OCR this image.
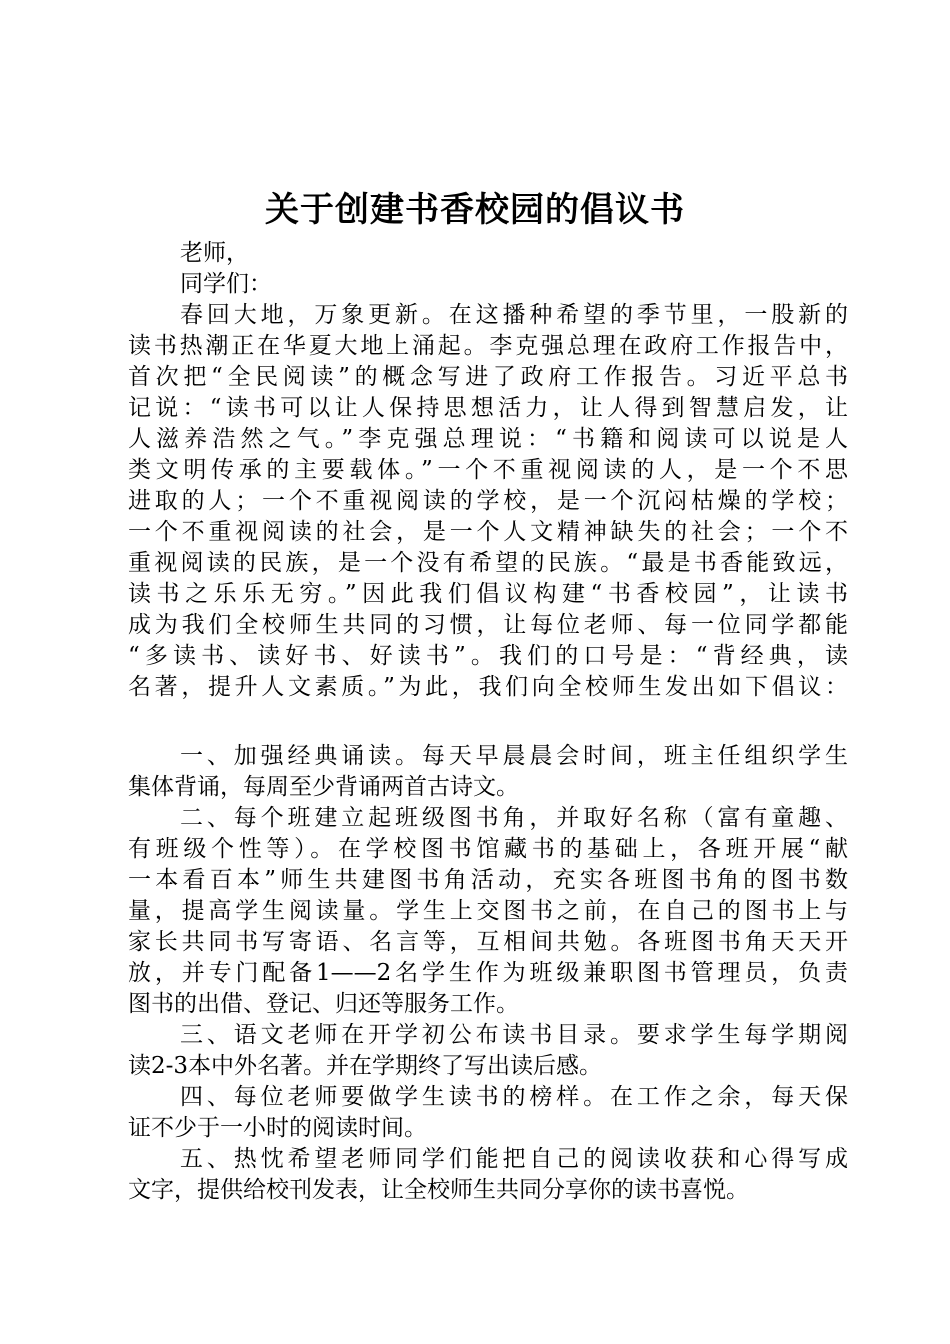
关于创建书香校园的倡议书
老师，
同学们：
春回大地，万象更新。在这播种希望的季节里，一股新的
读书热潮正在华夏大地上涌起。李克强总理在政府工作报告中，
首次把“全民阅读”的概念写进了政府工作报告。习近平总书
记说：“读书可以让人保持思想活力，让人得到智慧启发，让
人滋养浩然之气。”李克强总理说：“书籍和阅读可以说是人
类文明传承的主要载体。”一个不重视阅读的人，是一个不思
进取的人；一个不重视阅读的学校，是一个沉闷枯燥的学校；
一个不重视阅读的社会，是一个人文精神缺失的社会；一个不
重视阅读的民族，是一个没有希望的民族。“最是书香能致远，
读书之乐乐无穷。”因此我们倡议构建“书香校园”，让读书
成为我们全校师生共同的习惯，让每位老师、每一位同学都能
“多读书、读好书、好读书”。我们的口号是：“背经典，读
名著，提升人文素质。”为此，我们向全校师生发出如下倡议：
一、加强经典诵读。每天早晨晨会时间，班主任组织学生
集体背诵，每周至少背诵两首古诗文。
二、每个班建立起班级图书角，并取好名称（富有童趣、
有班级个性等）。在学校图书馆藏书的基础上，各班开展“献
一本看百本”师生共建图书角活动，充实各班图书角的图书数
量，提高学生阅读量。学生上交图书之前，在自己的图书上与
家长共同书写寄语、名言等，互相间共勉。各班图书角天天开
放，并专门配备1——2名学生作为班级兼职图书管理员，负责
图书的出借、登记、归还等服务工作。
三、语文老师在开学初公布读书目录。要求学生每学期阅
读2-3本中外名著。并在学期终了写出读后感。
四、每位老师要做学生读书的榜样。在工作之余，每天保
证不少于一小时的阅读时间。
五、热忱希望老师同学们能把自己的阅读收获和心得写成
文字，提供给校刊发表，让全校师生共同分享你的读书喜悦。
